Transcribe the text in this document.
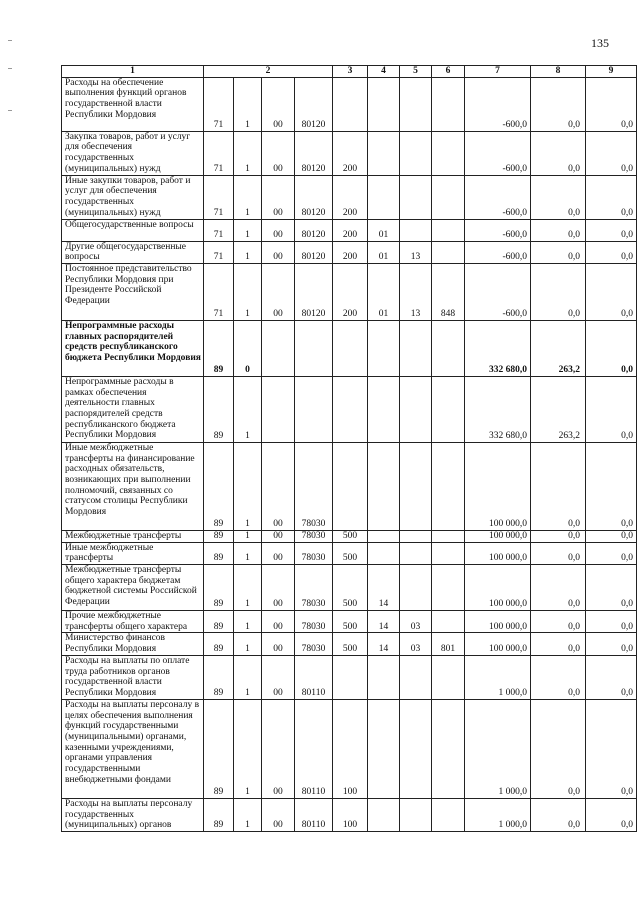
135
1	2				3	4	5	6	7	8	9
Расходы на обеспечение выполнения функций органов государственной власти Республики Мордовия	71	1	00	80120					-600,0	0,0	0,0
Закупка товаров, работ и услуг для обеспечения государственных (муниципальных) нужд	71	1	00	80120	200				-600,0	0,0	0,0
Иные закупки товаров, работ и услуг для обеспечения государственных (муниципальных) нужд	71	1	00	80120	200				-600,0	0,0	0,0
Общегосударственные вопросы	71	1	00	80120	200	01			-600,0	0,0	0,0
Другие общегосударственные вопросы	71	1	00	80120	200	01	13		-600,0	0,0	0,0
Постоянное представительство Республики Мордовия при Президенте Российской Федерации	71	1	00	80120	200	01	13	848	-600,0	0,0	0,0
Непрограммные расходы главных распорядителей средств республиканского бюджета Республики Мордовия	89	0							332 680,0	263,2	0,0
Непрограммные расходы в рамках обеспечения деятельности главных распорядителей средств республиканского бюджета Республики Мордовия	89	1							332 680,0	263,2	0,0
Иные межбюджетные трансферты на финансирование расходных обязательств, возникающих при выполнении полномочий, связанных со статусом столицы Республики Мордовия	89	1	00	78030					100 000,0	0,0	0,0
Межбюджетные трансферты	89	1	00	78030	500				100 000,0	0,0	0,0
Иные межбюджетные трансферты	89	1	00	78030	500				100 000,0	0,0	0,0
Межбюджетные трансферты общего характера бюджетам бюджетной системы Российской Федерации	89	1	00	78030	500	14			100 000,0	0,0	0,0
Прочие межбюджетные трансферты общего характера	89	1	00	78030	500	14	03		100 000,0	0,0	0,0
Министерство финансов Республики Мордовия	89	1	00	78030	500	14	03	801	100 000,0	0,0	0,0
Расходы на выплаты по оплате труда работников органов государственной власти Республики Мордовия	89	1	00	80110					1 000,0	0,0	0,0
Расходы на выплаты персоналу в целях обеспечения выполнения функций государственными (муниципальными) органами, казенными учреждениями, органами управления государственными внебюджетными фондами	89	1	00	80110	100				1 000,0	0,0	0,0
Расходы на выплаты персоналу государственных (муниципальных) органов	89	1	00	80110	100				1 000,0	0,0	0,0
